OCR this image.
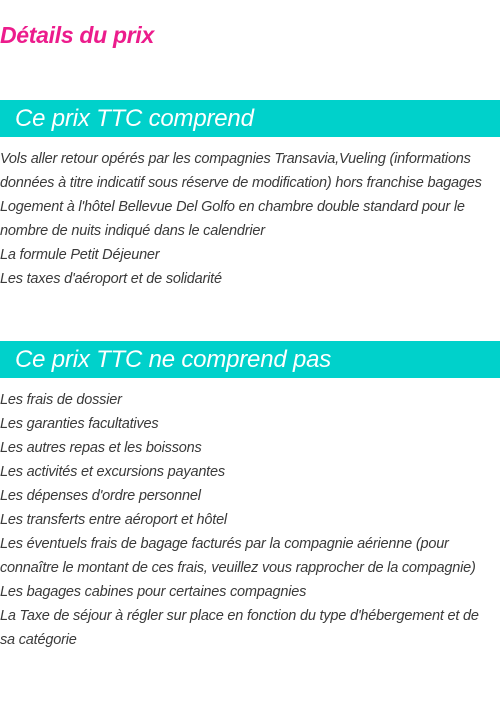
Détails du prix
Ce prix TTC comprend
Vols aller retour opérés par les compagnies Transavia,Vueling (informations données à titre indicatif sous réserve de modification) hors franchise bagages
Logement à l'hôtel Bellevue Del Golfo en chambre double standard pour le nombre de nuits indiqué dans le calendrier
La formule Petit Déjeuner
Les taxes d'aéroport et de solidarité
Ce prix TTC ne comprend pas
Les frais de dossier
Les garanties facultatives
Les autres repas et les boissons
Les activités et excursions payantes
Les dépenses d'ordre personnel
Les transferts entre aéroport et hôtel
Les éventuels frais de bagage facturés par la compagnie aérienne (pour connaître le montant de ces frais, veuillez vous rapprocher de la compagnie)
Les bagages cabines pour certaines compagnies
La Taxe de séjour à régler sur place en fonction du type d'hébergement et de sa catégorie
